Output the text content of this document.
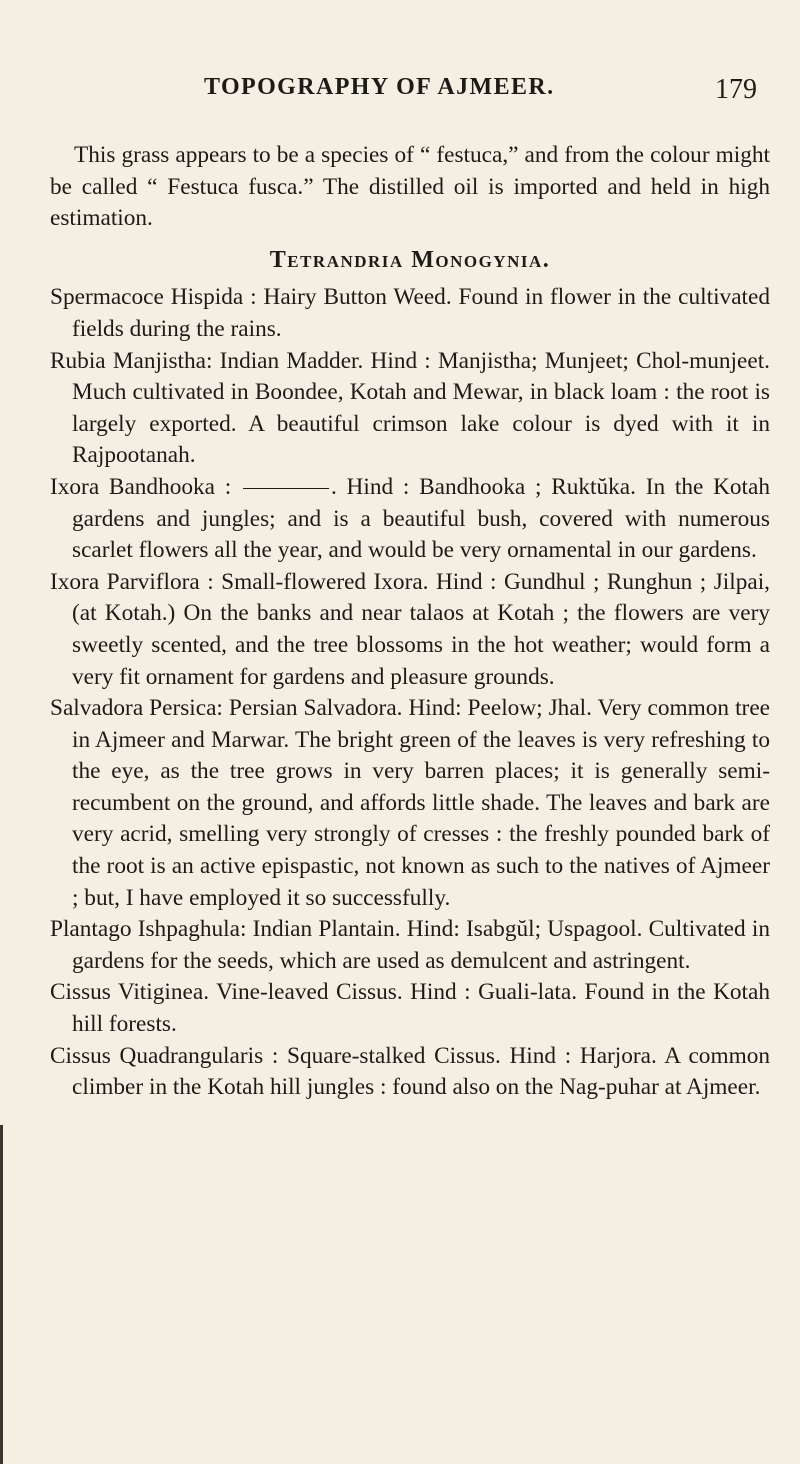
TOPOGRAPHY OF AJMEER.	179

This grass appears to be a species of “ festuca,” and from the colour might be called “ Festuca fusca.” The distilled oil is imported and held in high estimation.

Tetrandria Monogynia.

Spermacoce Hispida : Hairy Button Weed. Found in flower in the cultivated fields during the rains.

Rubia Manjistha: Indian Madder. Hind : Manjistha; Munjeet; Chol-munjeet. Much cultivated in Boondee, Kotah and Mewar, in black loam : the root is largely exported. A beautiful crimson lake colour is dyed with it in Rajpootanah.

Ixora Bandhooka :	. Hind : Bandhooka ; Ruktŭka. In the Kotah gardens and jungles; and is a beautiful bush, covered with numerous scarlet flowers all the year, and would be very ornamental in our gardens.

Ixora Parviflora : Small-flowered Ixora. Hind : Gundhul ; Runghun ; Jilpai, (at Kotah.) On the banks and near talaos at Kotah ; the flowers are very sweetly scented, and the tree blossoms in the hot weather; would form a very fit ornament for gardens and pleasure grounds.

Salvadora Persica: Persian Salvadora. Hind: Peelow; Jhal. Very common tree in Ajmeer and Marwar. The bright green of the leaves is very refreshing to the eye, as the tree grows in very barren places; it is generally semi-recumbent on the ground, and affords little shade. The leaves and bark are very acrid, smelling very strongly of cresses : the freshly pounded bark of the root is an active epispastic, not known as such to the natives of Ajmeer ; but, I have employed it so successfully.

Plantago Ishpaghula: Indian Plantain. Hind: Isabgŭl; Uspagool. Cultivated in gardens for the seeds, which are used as demulcent and astringent.

Cissus Vitiginea. Vine-leaved Cissus. Hind : Guali-lata. Found in the Kotah hill forests.

Cissus Quadrangularis : Square-stalked Cissus. Hind : Harjora. A common climber in the Kotah hill jungles : found also on the Nag-puhar at Ajmeer.
